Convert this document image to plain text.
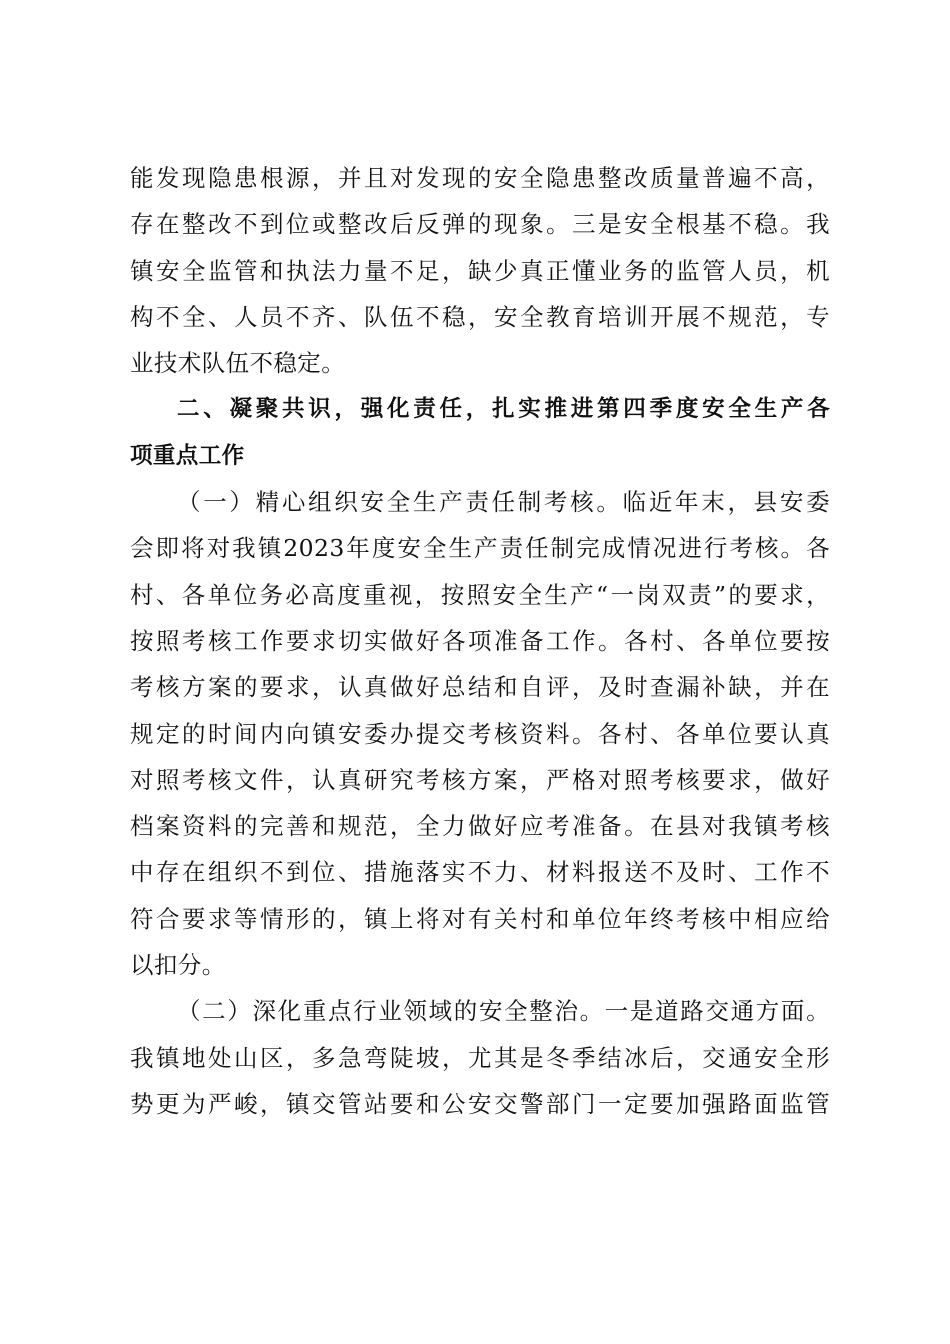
能发现隐患根源，并且对发现的安全隐患整改质量普遍不高，
存在整改不到位或整改后反弹的现象。三是安全根基不稳。我
镇安全监管和执法力量不足，缺少真正懂业务的监管人员，机
构不全、人员不齐、队伍不稳，安全教育培训开展不规范，专
业技术队伍不稳定。
二、凝聚共识，强化责任，扎实推进第四季度安全生产各
项重点工作
（一）精心组织安全生产责任制考核。临近年末，县安委
会即将对我镇2023年度安全生产责任制完成情况进行考核。各
村、各单位务必高度重视，按照安全生产“一岗双责”的要求，
按照考核工作要求切实做好各项准备工作。各村、各单位要按
考核方案的要求，认真做好总结和自评，及时查漏补缺，并在
规定的时间内向镇安委办提交考核资料。各村、各单位要认真
对照考核文件，认真研究考核方案，严格对照考核要求，做好
档案资料的完善和规范，全力做好应考准备。在县对我镇考核
中存在组织不到位、措施落实不力、材料报送不及时、工作不
符合要求等情形的，镇上将对有关村和单位年终考核中相应给
以扣分。
（二）深化重点行业领域的安全整治。一是道路交通方面。
我镇地处山区，多急弯陡坡，尤其是冬季结冰后，交通安全形
势更为严峻，镇交管站要和公安交警部门一定要加强路面监管
